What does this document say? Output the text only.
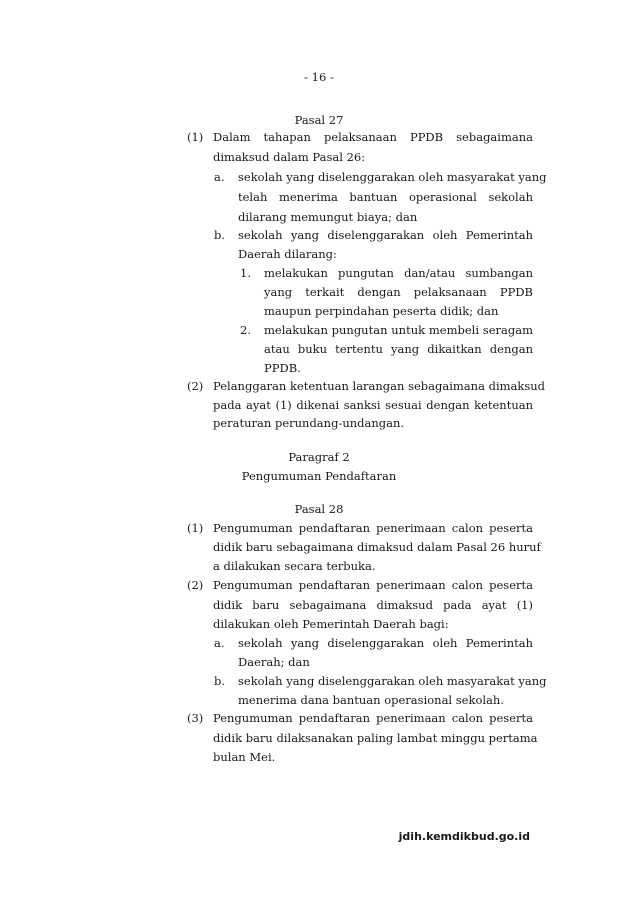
- 16 -
Pasal 27
(1) Dalam tahapan pelaksanaan PPDB sebagaimana
dimaksud dalam Pasal 26:
a. sekolah yang diselenggarakan oleh masyarakat yang
telah menerima bantuan operasional sekolah
dilarang memungut biaya; dan
b. sekolah yang diselenggarakan oleh Pemerintah
Daerah dilarang:
1. melakukan pungutan dan/atau sumbangan
yang terkait dengan pelaksanaan PPDB
maupun perpindahan peserta didik; dan
2. melakukan pungutan untuk membeli seragam
atau buku tertentu yang dikaitkan dengan
PPDB.
(2) Pelanggaran ketentuan larangan sebagaimana dimaksud
pada ayat (1) dikenai sanksi sesuai dengan ketentuan
peraturan perundang-undangan.
Paragraf 2
Pengumuman Pendaftaran
Pasal 28
(1) Pengumuman pendaftaran penerimaan calon peserta
didik baru sebagaimana dimaksud dalam Pasal 26 huruf
a dilakukan secara terbuka.
(2) Pengumuman pendaftaran penerimaan calon peserta
didik baru sebagaimana dimaksud pada ayat (1)
dilakukan oleh Pemerintah Daerah bagi:
a. sekolah yang diselenggarakan oleh Pemerintah
Daerah; dan
b. sekolah yang diselenggarakan oleh masyarakat yang
menerima dana bantuan operasional sekolah.
(3) Pengumuman pendaftaran penerimaan calon peserta
didik baru dilaksanakan paling lambat minggu pertama
bulan Mei.
jdih.kemdikbud.go.id
